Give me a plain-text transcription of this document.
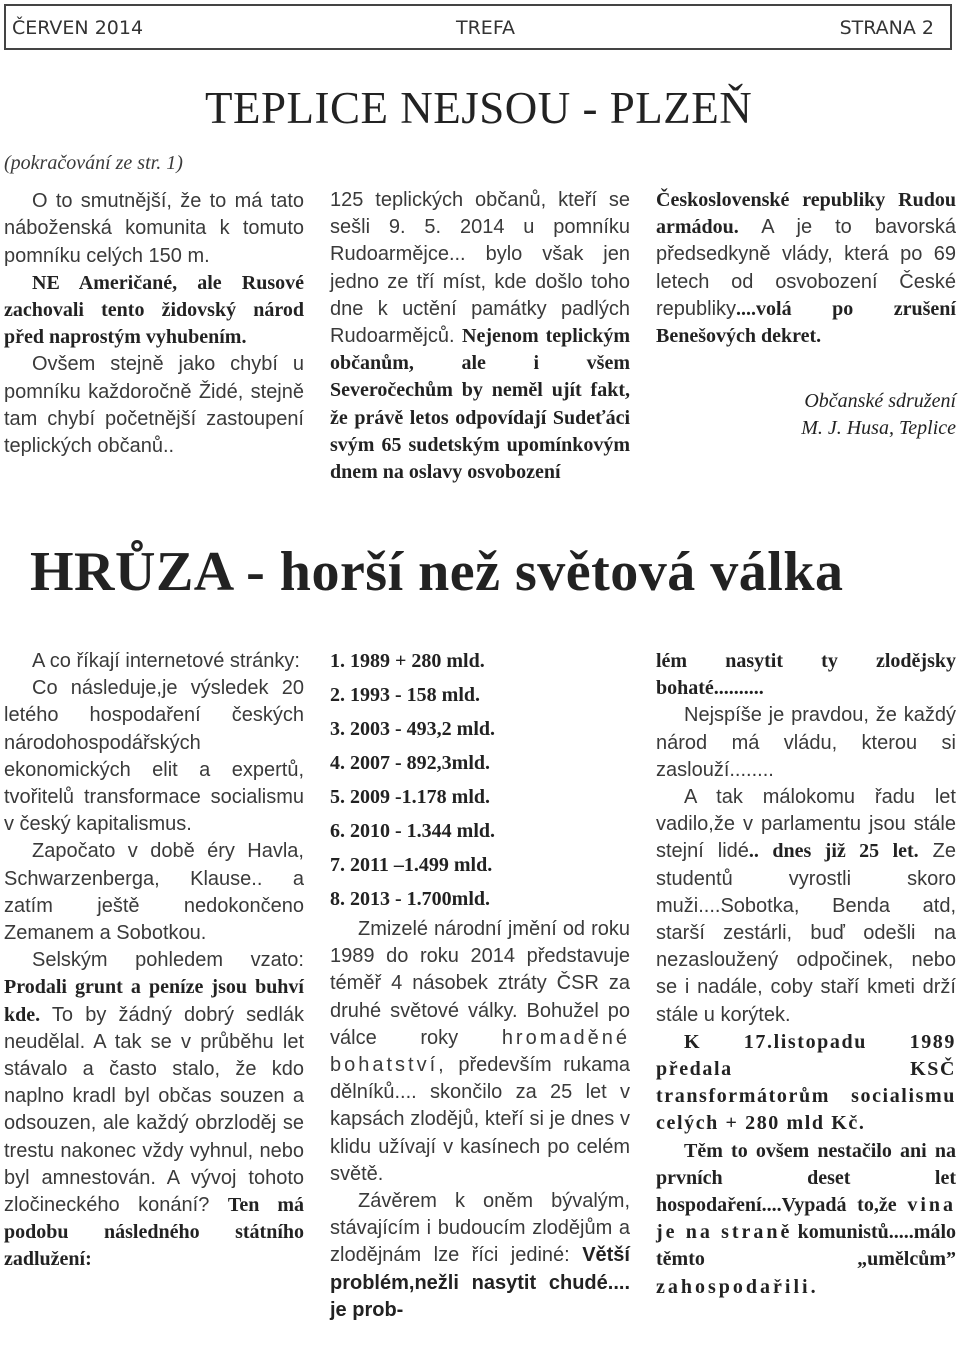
ČERVEN 2014	TREFA	STRANA 2
TEPLICE NEJSOU - PLZEŇ

(pokračování ze str. 1)

O to smutnější, že to má tato náboženská komunita k tomuto pomníku celých 150 m.

NE Američané, ale Rusové zachovali tento židovský národ před naprostým vyhubením.

Ovšem stejně jako chybí u pomníku každoročně Židé, stejně tam chybí početnější zastoupení teplických občanů..

125 teplických občanů, kteří se sešli 9. 5. 2014 u pomníku Rudoarmějce... bylo však jen jedno ze tří míst, kde došlo toho dne k uctění památky padlých Rudoarmějců. Nejenom teplickým občanům, ale i všem Severočechům by neměl ujít fakt, že právě letos odpovídají Sudeťáci svým 65 sudetským upomínkovým dnem na oslavy osvobození

Československé republiky Rudou armádou. A je to bavorská předsedkyně vlády, která po 69 letech od osvobození České republiky....volá po zrušení Benešových dekret.

Občanské sdružení

M. J. Husa, Teplice

HRŮZA - horší než světová válka

A co říkají internetové stránky:

Co následuje,je výsledek 20 letého hospodaření českých národohospodářských ekonomických elit a expertů, tvořitelů transformace socialismu v český kapitalismus.

Započato v době éry Havla, Schwarzenberga, Klause.. a zatím ještě nedokončeno Zemanem a Sobotkou.

Selským pohledem vzato: Prodali grunt a peníze jsou buhví kde. To by žádný dobrý sedlák neudělal. A tak se v průběhu let stávalo a často stalo, že kdo naplno kradl byl občas souzen a odsouzen, ale každý obrzloděj se trestu nakonec vždy vyhnul, nebo byl amnestován. A vývoj tohoto zločineckého konání? Ten má podobu následného státního zadlužení:

1. 1989 + 280 mld.

2. 1993 - 158 mld.

3. 2003 - 493,2 mld.

4. 2007 - 892,3mld.

5. 2009 -1.178 mld.

6. 2010 - 1.344 mld.

7. 2011 –1.499 mld.

8. 2013 - 1.700mld.

Zmizelé národní jmění od roku 1989 do roku 2014 představuje téměř 4 násobek ztráty ČSR za druhé světové války. Bohužel po válce roky hromaděné bohatství, především rukama dělníků.... skončilo za 25 let v kapsách zlodějů, kteří si je dnes v klidu užívají v kasínech po celém světě.

Závěrem k oněm bývalým, stávajícím i budoucím zlodějům a zlodějnám lze říci jediné: Větší problém,nežli nasytit chudé.... je prob-

lém nasytit ty zlodějsky bohaté..........

Nejspíše je pravdou, že každý národ má vládu, kterou si zaslouží........

A tak málokomu řadu let vadilo,že v parlamentu jsou stále stejní lidé.. dnes již 25 let. Ze studentů vyrostli skoro muži....Sobotka, Benda atd, starší zestárli, buď odešli na nezasloužený odpočinek, nebo se i nadále, coby staří kmeti drží stále u korýtek.

K 17.listopadu 1989 předala KSČ transformátorům socialismu celých + 280 mld Kč.

Těm to ovšem nestačilo ani na prvních deset let hospodaření....Vypadá to,že vina je na straně komunistů.....málo těmto „umělcům” zahospodařili.
